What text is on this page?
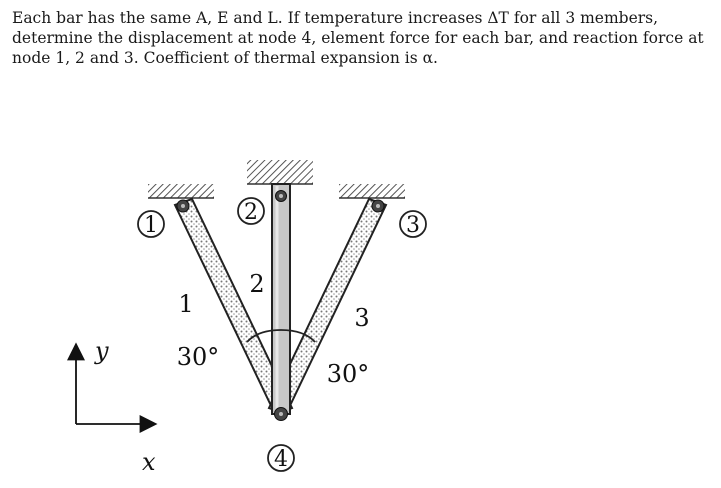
Each bar has the same A, E and L. If temperature increases ΔT for all 3 members,
determine the displacement at node 4, element force for each bar, and reaction force at
node 1, 2 and 3. Coefficient of thermal expansion is α.
1
2
3
4
1
2
3
30°
30°
y
x
